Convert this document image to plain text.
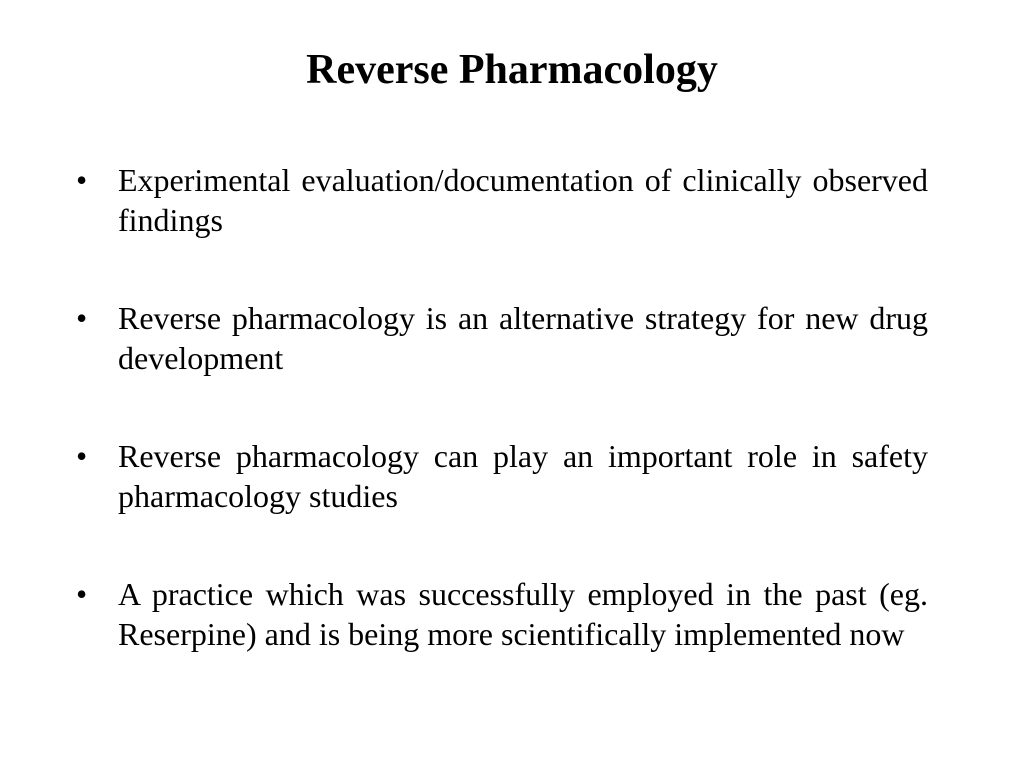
Reverse Pharmacology
• Experimental evaluation/documentation of clinically observed findings
• Reverse pharmacology is an alternative strategy for new drug development
• Reverse pharmacology can play an important role in safety pharmacology studies
• A practice which was successfully employed in the past (eg. Reserpine) and is being more scientifically implemented now
